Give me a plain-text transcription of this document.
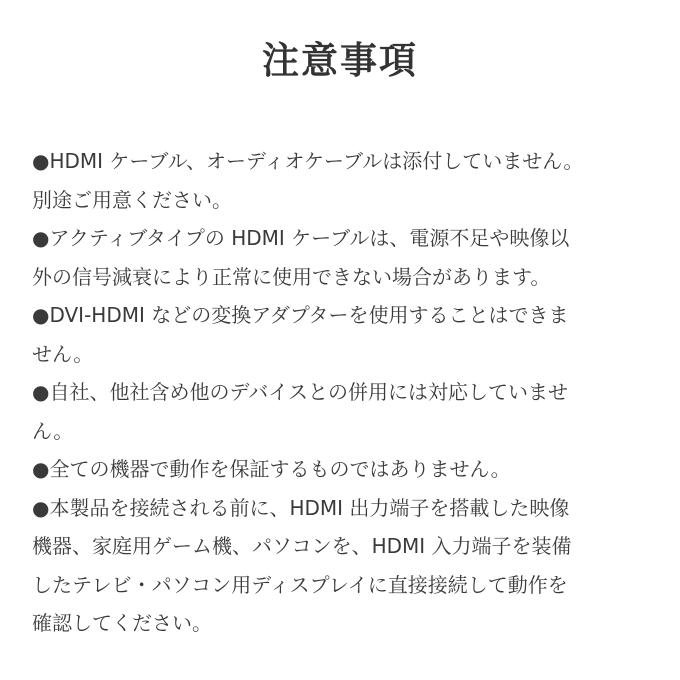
注意事項
●HDMI ケーブル、オーディオケーブルは添付していません。
別途ご用意ください。
●アクティブタイプの HDMI ケーブルは、電源不足や映像以
外の信号減衰により正常に使用できない場合があります。
●DVI-HDMI などの変換アダプターを使用することはできま
せん。
●自社、他社含め他のデバイスとの併用には対応していませ
ん。
●全ての機器で動作を保証するものではありません。
●本製品を接続される前に、HDMI 出力端子を搭載した映像
機器、家庭用ゲーム機、パソコンを、HDMI 入力端子を装備
したテレビ・パソコン用ディスプレイに直接接続して動作を
確認してください。
